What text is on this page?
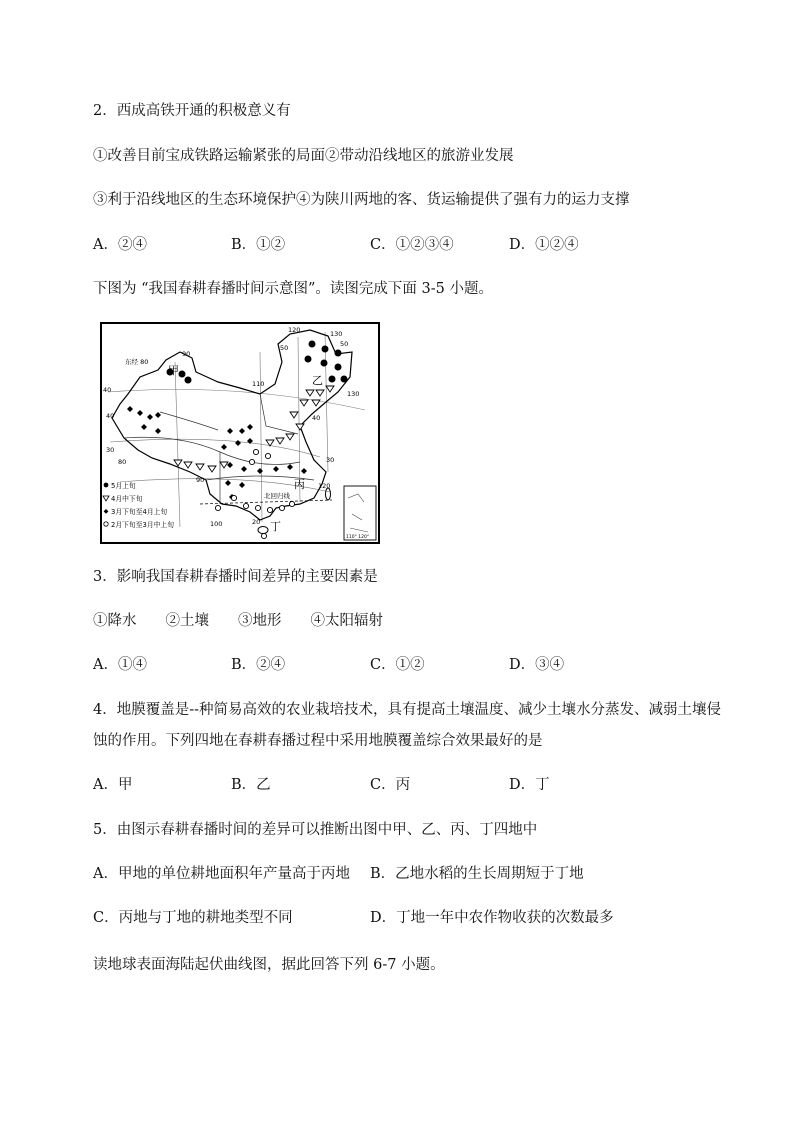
2．西成高铁开通的积极意义有
①改善目前宝成铁路运输紧张的局面②带动沿线地区的旅游业发展
③利于沿线地区的生态环境保护④为陕川两地的客、货运输提供了强有力的运力支撑
A．②④	B．①②	C．①②③④	D．①②④
下图为 “我国春耕春播时间示意图”。读图完成下面 3-5 小题。
东经 80
90
110
120	130
50
40	130
120
100
90
80
50
40	40
30
30
20
北回归线
甲
乙
丙
丁
5月上旬
4月中下旬
3月下旬至4月上旬
2月下旬至3月中上旬
110° 120°
3．影响我国春耕春播时间差异的主要因素是
①降水　　②土壤　　③地形　　④太阳辐射
A．①④	B．②④	C．①②	D．③④
4．地膜覆盖是--种简易高效的农业栽培技术，具有提高土壤温度、减少土壤水分蒸发、减弱土壤侵
蚀的作用。下列四地在春耕春播过程中采用地膜覆盖综合效果最好的是
A．甲	B．乙	C．丙	D．丁
5．由图示春耕春播时间的差异可以推断出图中甲、乙、丙、丁四地中
A．甲地的单位耕地面积年产量高于丙地 B．乙地水稻的生长周期短于丁地
C．丙地与丁地的耕地类型不同	D．丁地一年中农作物收获的次数最多
读地球表面海陆起伏曲线图，据此回答下列 6-7 小题。
